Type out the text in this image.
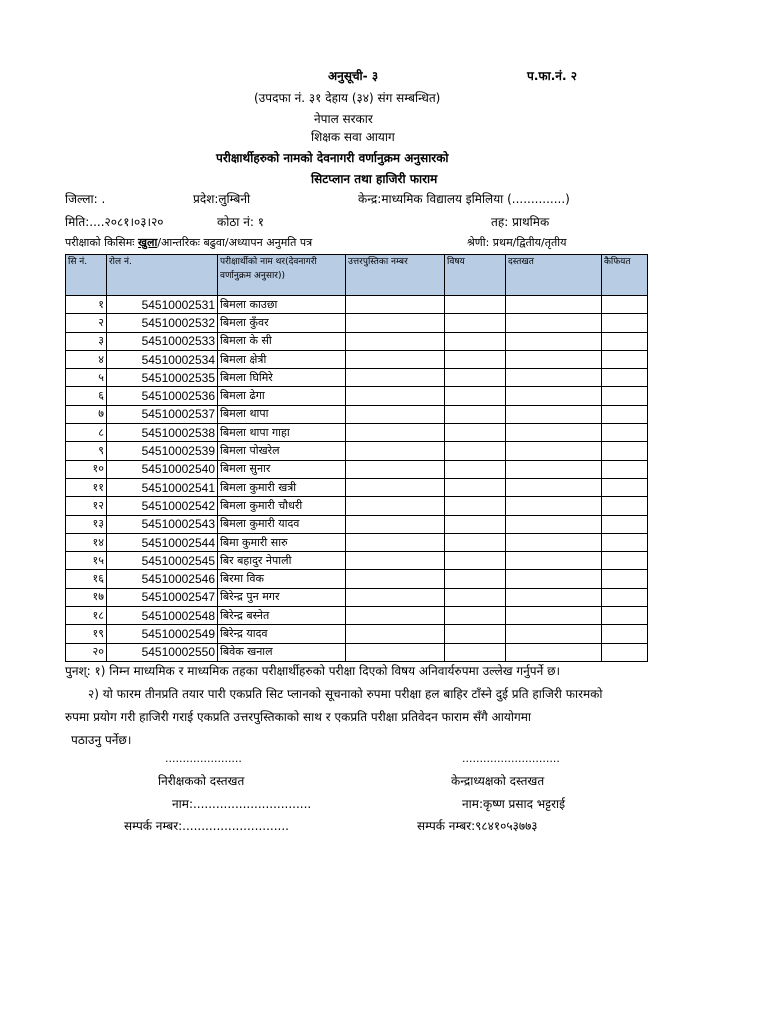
अनुसूची- ३	प.फा.नं. २
(उपदफा नं. ३१ देहाय (३४) संग सम्बन्धित)
नेपाल सरकार
शिक्षक सवा आयाग
परीक्षार्थीहरुको नामको देवनागरी वर्णानुक्रम अनुसारको
सिटप्लान तथा हाजिरी फाराम
जिल्ला: .	प्रदेश:लुम्बिनी	केन्द्र:माध्यमिक विद्यालय इमिलिया (..............)
मिति:....२०८१।०३।२०	कोठा नं: १	तह: प्राथमिक
परीक्षाको किसिमः खुला/आन्तरिकः बढुवा/अध्यापन अनुमति पत्र	श्रेणी: प्रथम/द्वितीय/तृतीय
सि नं.	रोल नं.	परीक्षार्थीको नाम थर(देवनागरी वर्णानुक्रम अनुसार))	उत्तरपुस्तिका नम्बर	विषय	दस्तखत	कैफियत
१	54510002531	बिमला काउछा				
२	54510002532	बिमला कुँवर				
३	54510002533	बिमला के सी				
४	54510002534	बिमला क्षेत्री				
५	54510002535	बिमला घिमिरे				
६	54510002536	बिमला ढेगा				
७	54510002537	बिमला थापा				
८	54510002538	बिमला थापा गाहा				
९	54510002539	बिमला पोखरेल				
१०	54510002540	बिमला सुनार				
११	54510002541	बिमला कुमारी खत्री				
१२	54510002542	बिमला कुमारी चौधरी				
१३	54510002543	बिमला कुमारी यादव				
१४	54510002544	बिमा कुमारी सारु				
१५	54510002545	बिर बहादुर नेपाली				
१६	54510002546	बिरमा विक				
१७	54510002547	बिरेन्द्र पुन मगर				
१८	54510002548	बिरेन्द्र बस्नेत				
१९	54510002549	बिरेन्द्र यादव				
२०	54510002550	बिवेक खनाल				
पुनश्: १) निम्न माध्यमिक र माध्यमिक तहका परीक्षार्थीहरुको परीक्षा दिएको विषय अनिवार्यरुपमा उल्लेख गर्नुपर्ने छ।
२) यो फारम तीनप्रति तयार पारी एकप्रति सिट प्लानको सूचनाको रुपमा परीक्षा हल बाहिर टाँस्ने दुई प्रति हाजिरी फारमको
रुपमा प्रयोग गरी हाजिरी गराई एकप्रति उत्तरपुस्तिकाको साथ र एकप्रति परीक्षा प्रतिवेदन फाराम सँगै आयोगमा
पठाउनु पर्नेछ।
......................	............................
निरीक्षकको दस्तखत	केन्द्राध्यक्षको दस्तखत
नाम:...............................	नाम:कृष्ण प्रसाद भट्टराई
सम्पर्क नम्बर:............................	सम्पर्क नम्बर:९८४१०५३७७३
